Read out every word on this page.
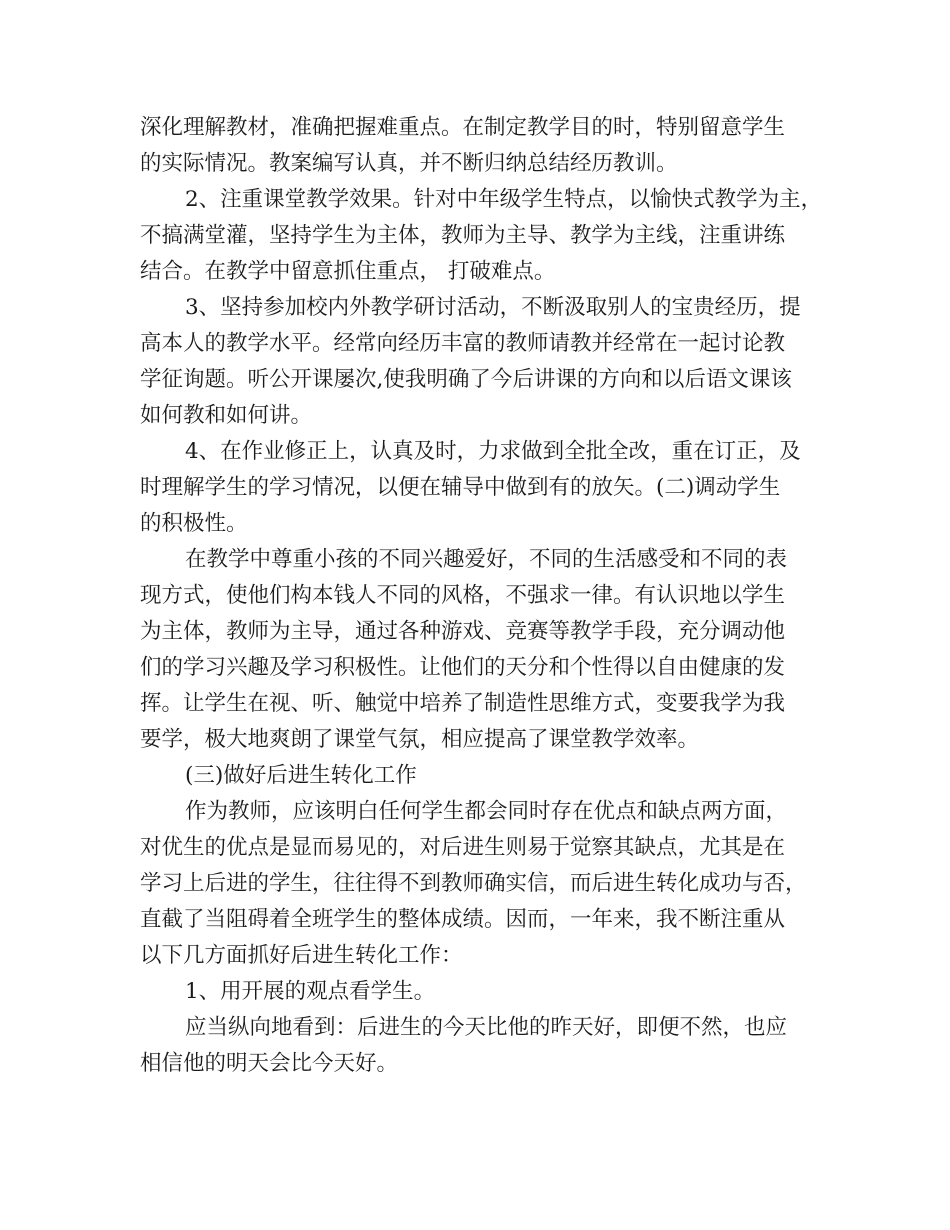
深化理解教材，准确把握难重点。在制定教学目的时，特别留意学生
的实际情况。教案编写认真，并不断归纳总结经历教训。
2、注重课堂教学效果。针对中年级学生特点，以愉快式教学为主，
不搞满堂灌，坚持学生为主体，教师为主导、教学为主线，注重讲练
结合。在教学中留意抓住重点， 打破难点。
3、坚持参加校内外教学研讨活动，不断汲取别人的宝贵经历，提
高本人的教学水平。经常向经历丰富的教师请教并经常在一起讨论教
学征询题。听公开课屡次,使我明确了今后讲课的方向和以后语文课该
如何教和如何讲。
4、在作业修正上，认真及时，力求做到全批全改，重在订正，及
时理解学生的学习情况，以便在辅导中做到有的放矢。(二)调动学生
的积极性。
在教学中尊重小孩的不同兴趣爱好，不同的生活感受和不同的表
现方式，使他们构本钱人不同的风格，不强求一律。有认识地以学生
为主体，教师为主导，通过各种游戏、竞赛等教学手段，充分调动他
们的学习兴趣及学习积极性。让他们的天分和个性得以自由健康的发
挥。让学生在视、听、触觉中培养了制造性思维方式，变要我学为我
要学，极大地爽朗了课堂气氛，相应提高了课堂教学效率。
(三)做好后进生转化工作
作为教师，应该明白任何学生都会同时存在优点和缺点两方面，
对优生的优点是显而易见的，对后进生则易于觉察其缺点，尤其是在
学习上后进的学生，往往得不到教师确实信，而后进生转化成功与否，
直截了当阻碍着全班学生的整体成绩。因而，一年来，我不断注重从
以下几方面抓好后进生转化工作：
1、用开展的观点看学生。
应当纵向地看到：后进生的今天比他的昨天好，即便不然，也应
相信他的明天会比今天好。
